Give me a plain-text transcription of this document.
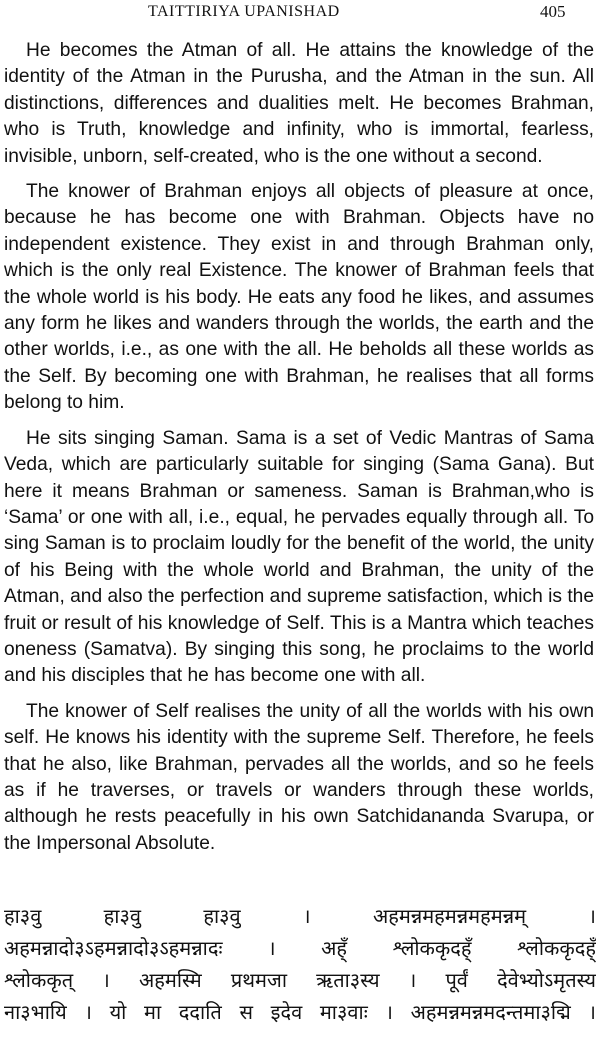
TAITTIRIYA UPANISHAD	405

He becomes the Atman of all. He attains the knowledge of the identity of the Atman in the Purusha, and the Atman in the sun. All distinctions, differences and dualities melt. He becomes Brahman, who is Truth, knowledge and infinity, who is immortal, fearless, invisible, unborn, self-created, who is the one without a second.

The knower of Brahman enjoys all objects of pleasure at once, because he has become one with Brahman. Objects have no independent existence. They exist in and through Brahman only, which is the only real Existence. The knower of Brahman feels that the whole world is his body. He eats any food he likes, and assumes any form he likes and wanders through the worlds, the earth and the other worlds, i.e., as one with the all. He beholds all these worlds as the Self. By becoming one with Brahman, he realises that all forms belong to him.

He sits singing Saman. Sama is a set of Vedic Mantras of Sama Veda, which are particularly suitable for singing (Sama Gana). But here it means Brahman or sameness. Saman is Brahman,who is ‘Sama’ or one with all, i.e., equal, he pervades equally through all. To sing Saman is to proclaim loudly for the benefit of the world, the unity of his Being with the whole world and Brahman, the unity of the Atman, and also the perfection and supreme satisfaction, which is the fruit or result of his knowledge of Self. This is a Mantra which teaches oneness (Samatva). By singing this song, he proclaims to the world and his disciples that he has become one with all.

The knower of Self realises the unity of all the worlds with his own self. He knows his identity with the supreme Self. Therefore, he feels that he also, like Brahman, pervades all the worlds, and so he feels as if he traverses, or travels or wanders through these worlds, although he rests peacefully in his own Satchidananda Svarupa, or the Impersonal Absolute.

हा३वु हा३वु हा३वु । अहमन्नमहमन्नमहमन्नम् ।
अहमन्नादो३ऽहमन्नादो३ऽहमन्नादः । अह्ँ श्लोककृदह्ँ श्लोककृदह्ँ
श्लोककृत् । अहमस्मि प्रथमजा ऋता३स्य । पूर्वं देवेभ्योऽमृतस्य
ना३भायि । यो मा ददाति स इदेव मा३वाः । अहमन्नमन्नमदन्तमा३द्मि ।
